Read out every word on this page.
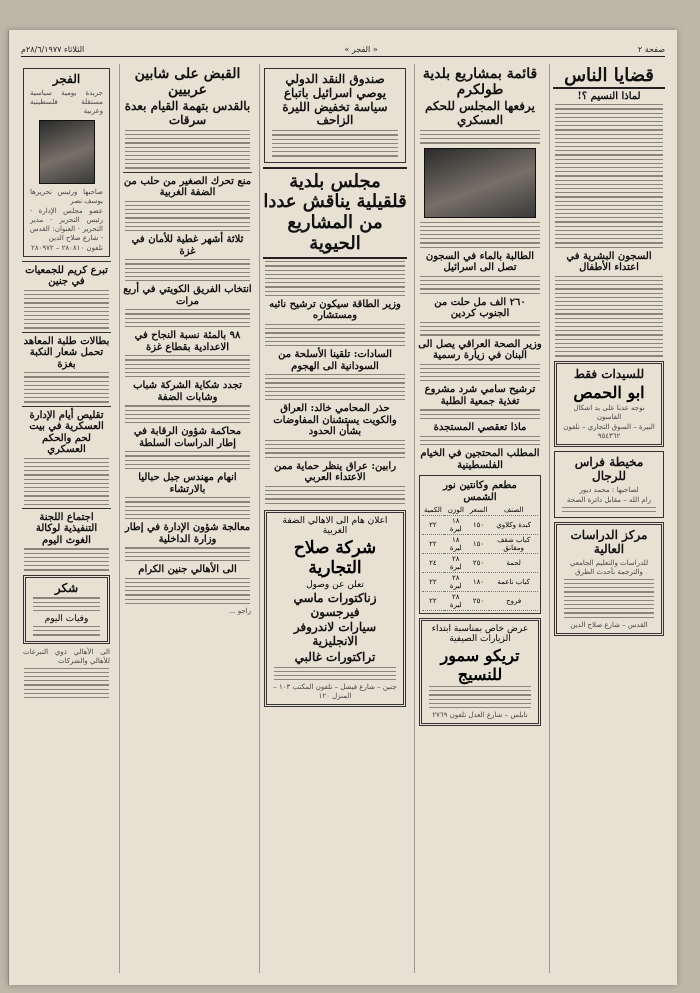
الثلاثاء ٢٨/٦/١٩٧٧م	« الفجر »	صفحة ٢
الفجر
جريدة يومية سياسية مستقلة فلسطينية وعربية
صاحبها ورئيس تحريرها يوسف نصر
عضو مجلس الإدارة · رئيس التحرير · مدير التحرير · العنوان: القدس - شارع صلاح الدين
تلفون ٢٨٠٨١٠ – ٢٨٠٩٧٢
تبرع كريم للجمعيات في جنين
بطالات طلبة المعاهد تحمل شعار النكبة بغزة
تقليص أيام الإدارة العسكرية في بيت لحم والحكم العسكري
اجتماع اللجنة التنفيذية لوكالة الغوث اليوم
شكر
وفيات اليوم
الى الأهالي ذوي التبرعات للأهالي والشركات
القبض على شابين عربيين
بالقدس بتهمة القيام بعدة سرقات
منع تحرك الصغير من حلب من الضفة الغربية
ثلاثة أشهر غطية للأمان في غزة
انتخاب الفريق الكويتي في أربع مرات
٩٨ بالمئة نسبة النجاح في الاعدادية بقطاع غزة
تجدد شكاية الشركة شباب وشابات الضفة
محاكمة شؤون الرقابة في إطار الدراسات السلطة
انهام مهندس جبل حباليا بالارتشاء
معالجة شؤون الإدارة في إطار وزارة الداخلية
الى الأهالي جنين الكرام
راجو ...
صندوق النقد الدولي يوصي اسرائيل باتباع سياسة تخفيض الليرة الزاحف
مجلس بلدية قلقيلية يناقش عددا من المشاريع الحيوية
وزير الطاقة سيكون ترشيح نائبه ومستشاره
السادات: تلقينا الأسلحة من السودانية الى الهجوم
حذر المحامي خالد: العراق والكويت يستشنان المفاوضات بشأن الحدود
رابين: عراق ينظر حماية ممن الاعتداء العربي
اعلان هام الى الاهالي الضفة الغربية
شركة صلاح التجارية
تعلن عن وصول
زناكتورات ماسي فيرجسون
سيارات لاندروفر الانجليزية
تراكتورات غالبي
جنين – شارع فيصل – تلفون المكتب ١٠٣ – المنزل ١٢٠
قائمة بمشاريع بلدية طولكرم
يرفعها المجلس للحكم العسكري
الطالبة بالماء في السجون تصل الى اسرائيل
٢٦٠ الف مل حلت من الجنوب كردين
وزير الصحة العراقي يصل الى البنان في زيارة رسمية
ترشيح سامي شرد مشروع تغذية جمعية الطلبة
ماذا تعقصي المستجدة
المطلب المحتجين في الخيام الفلسطينية
مطعم وكانتين نور الشمس
الصنف	السعر	الوزن	الكمية
كبدة وكلاوي	١٥٠	١٨ ليرة	٢٢
كباب شقف ومقانق	١٥٠	١٨ ليرة	٢٢
لحمة	٢٥٠	٢٨ ليرة	٢٤
كباب ناعمة	١٨٠	٢٨ ليرة	٢٢
فروج	٢٥٠	٢٨ ليرة	٢٢
عرض خاص بمناسبة ابتداء الزيارات الصيفية
تريكو سمور للنسيج
نابلس – شارع العدل تلفون ٢٧٦٩
قضايا الناس
لماذا النسيم ؟!
السجون البشرية في اعتداء الأطفال
للسيدات فقط
ابو الحمص
نوجه عدنا على يد اشكال الفاسون
البيرة – السوق التجاري – تلفون ٩٥٤٣٦٢
مخيطة فراس للرجال
لصاحبها : محمد ديور
رام الله – مقابل دائرة الصحة
مركز الدراسات العالية
للدراسات والتعليم الجامعي والترجمة بأحدث الطرق
القدس – شارع صلاح الدين
